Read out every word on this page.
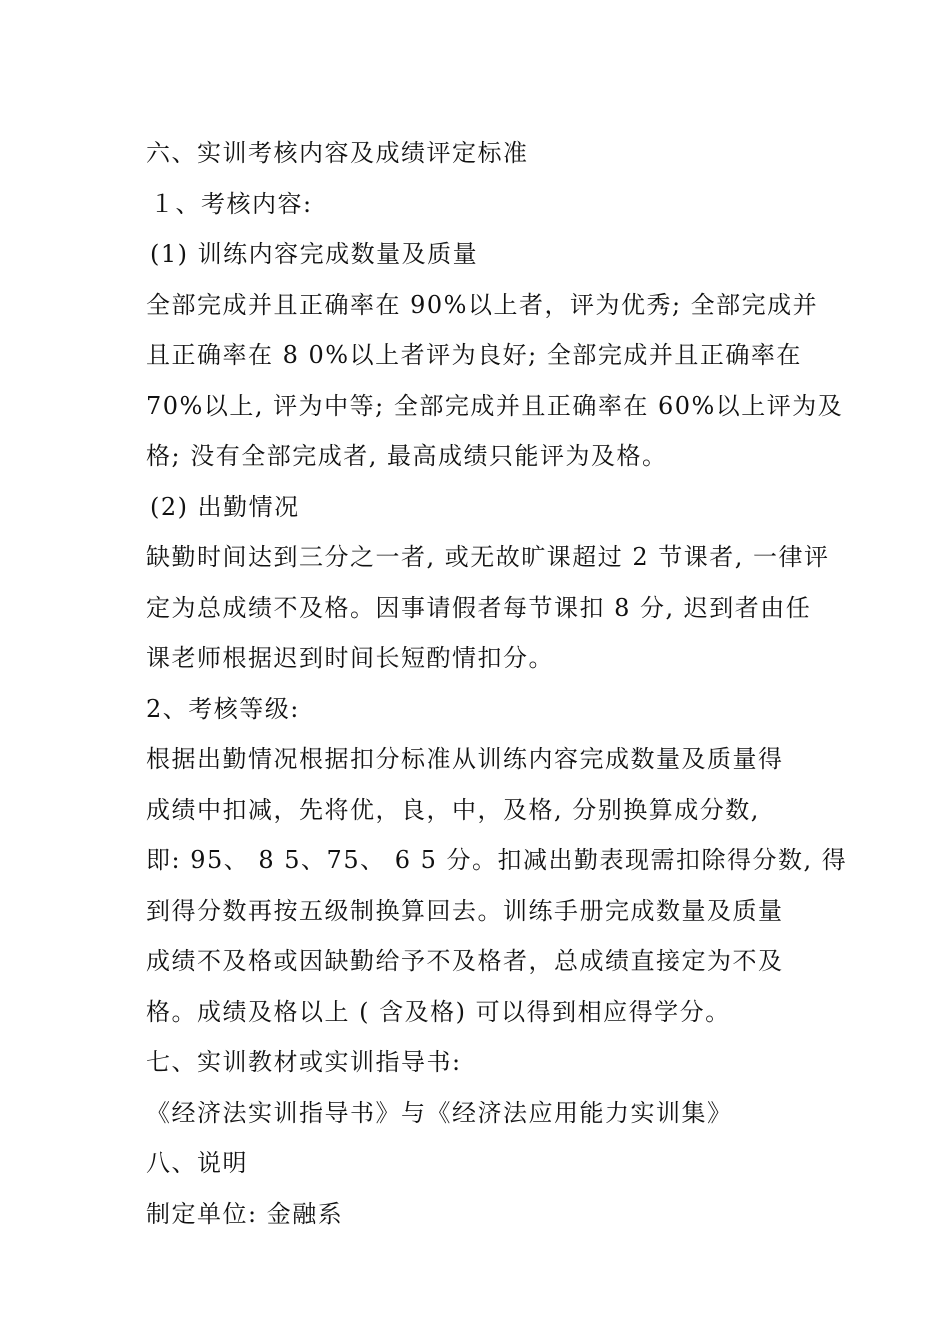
六、实训考核内容及成绩评定标准
１、考核内容:
(1) 训练内容完成数量及质量
全部完成并且正确率在 90%以上者，评为优秀; 全部完成并
且正确率在 8 0%以上者评为良好; 全部完成并且正确率在
70%以上, 评为中等; 全部完成并且正确率在 60%以上评为及
格; 没有全部完成者, 最高成绩只能评为及格。
(2) 出勤情况
缺勤时间达到三分之一者, 或无故旷课超过 2 节课者, 一律评
定为总成绩不及格。因事请假者每节课扣 8 分, 迟到者由任
课老师根据迟到时间长短酌情扣分。
2、考核等级:
根据出勤情况根据扣分标准从训练内容完成数量及质量得
成绩中扣减，先将优，良，中，及格, 分别换算成分数,
即: 95、 8 5、75、 6 5 分。扣减出勤表现需扣除得分数, 得
到得分数再按五级制换算回去。训练手册完成数量及质量
成绩不及格或因缺勤给予不及格者，总成绩直接定为不及
格。成绩及格以上 ( 含及格) 可以得到相应得学分。
七、实训教材或实训指导书:
《经济法实训指导书》与《经济法应用能力实训集》
八、说明
制定单位: 金融系
